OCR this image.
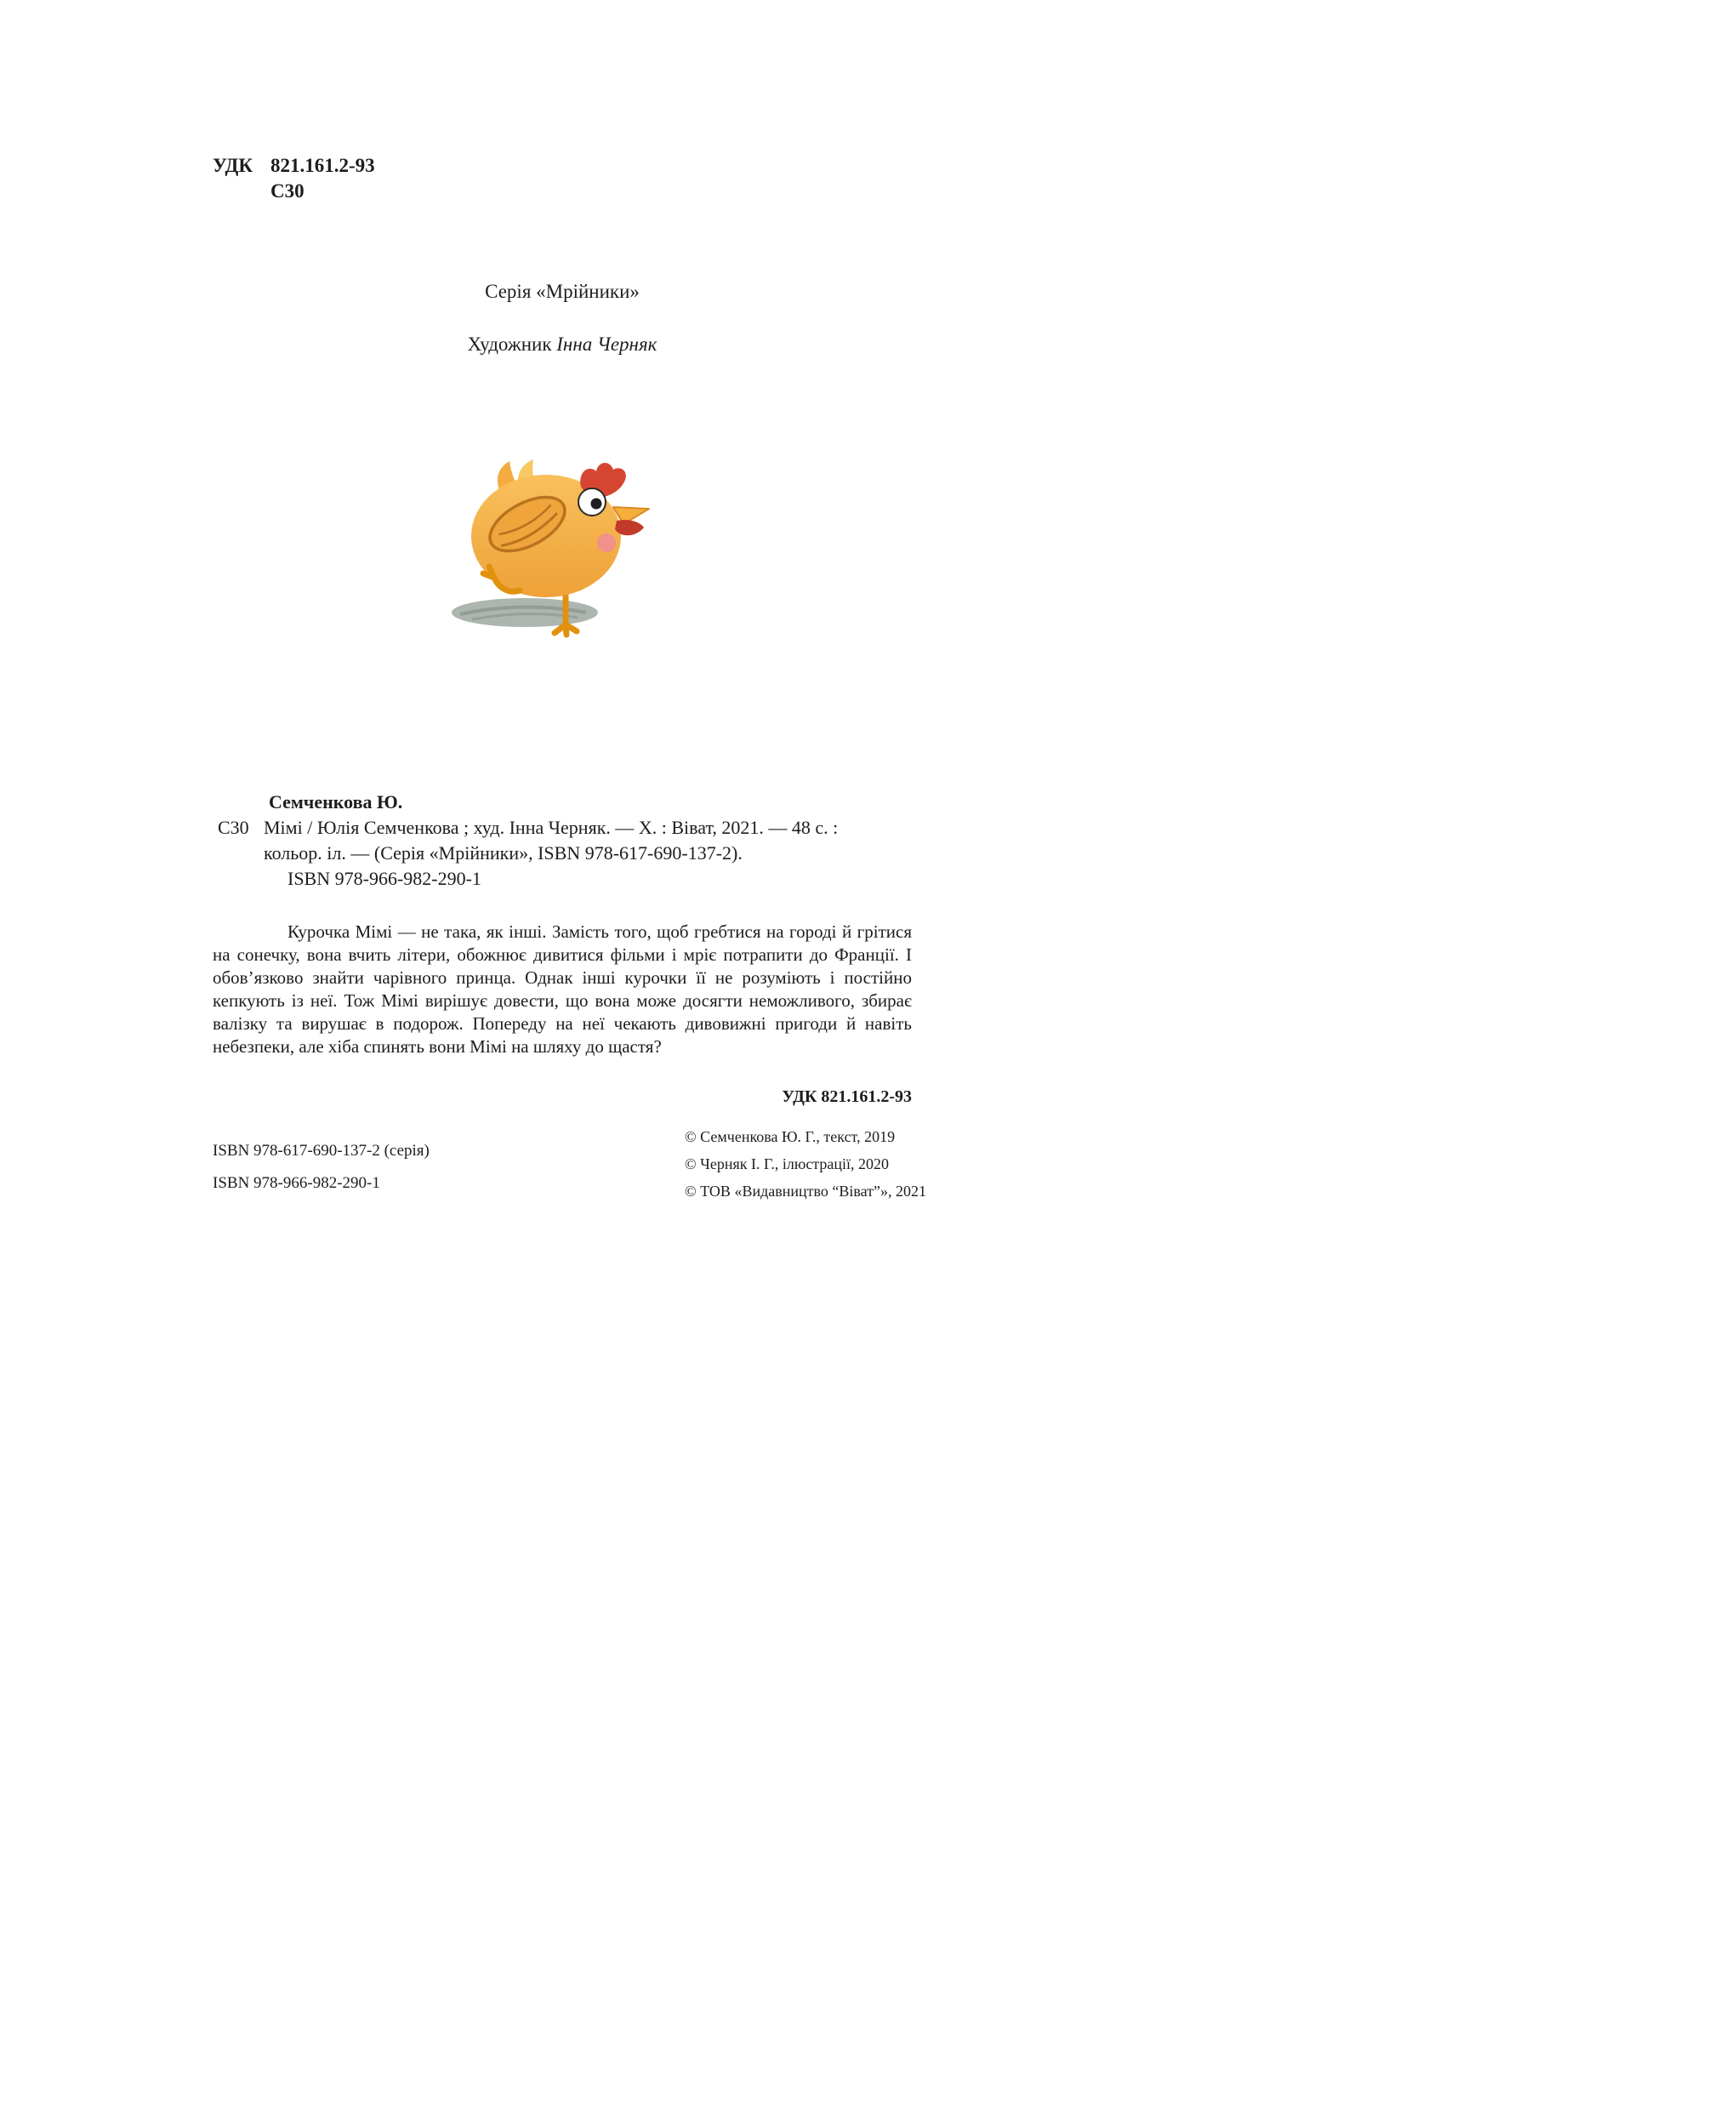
УДК 821.161.2-93
С30
Серія «Мрійники»
Художник Інна Черняк
С30
Семченкова Ю.
Мімі / Юлія Семченкова ; худ. Інна Черняк. — Х. : Віват, 2021. — 48 с. :
кольор. іл. — (Серія «Мрійники», ISBN 978-617-690-137-2).
ISBN 978-966-982-290-1
Курочка Мімі — не така, як інші. Замість того, щоб гребтися на городі й грітися на сонечку, вона вчить літери, обожнює дивитися фільми і мріє потрапити до Франції. І обов’язково знайти чарівного принца. Однак інші курочки її не розуміють і постійно кепкують із неї. Тож Мімі вирішує довести, що вона може досягти неможливого, збирає валізку та вирушає в подорож. Попереду на неї чекають дивовижні пригоди й навіть небезпеки, але хіба спинять вони Мімі на шляху до щастя?
УДК 821.161.2-93
ISBN 978-617-690-137-2 (серія)
ISBN 978-966-982-290-1
© Семченкова Ю. Г., текст, 2019
© Черняк І. Г., ілюстрації, 2020
© ТОВ «Видавництво “Віват”», 2021
